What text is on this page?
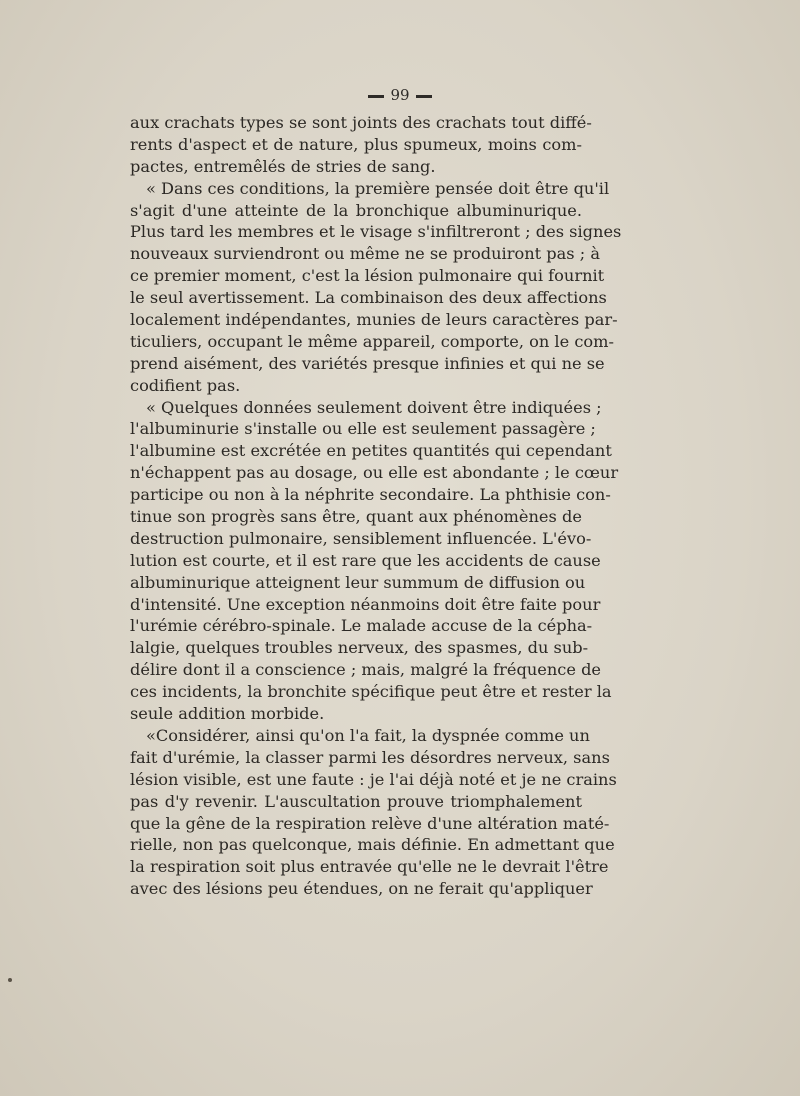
99
aux crachats types se sont joints des crachats tout diffé-
rents d'aspect et de nature, plus spumeux, moins com-
pactes, entremêlés de stries de sang.
« Dans ces conditions, la première pensée doit être qu'il
s'agit d'une atteinte de la bronchique albuminurique.
Plus tard les membres et le visage s'infiltreront ; des signes
nouveaux surviendront ou même ne se produiront pas ; à
ce premier moment, c'est la lésion pulmonaire qui fournit
le seul avertissement. La combinaison des deux affections
localement indépendantes, munies de leurs caractères par-
ticuliers, occupant le même appareil, comporte, on le com-
prend aisément, des variétés presque infinies et qui ne se
codifient pas.
« Quelques données seulement doivent être indiquées ;
l'albuminurie s'installe ou elle est seulement passagère ;
l'albumine est excrétée en petites quantités qui cependant
n'échappent pas au dosage, ou elle est abondante ; le cœur
participe ou non à la néphrite secondaire. La phthisie con-
tinue son progrès sans être, quant aux phénomènes de
destruction pulmonaire, sensiblement influencée. L'évo-
lution est courte, et il est rare que les accidents de cause
albuminurique atteignent leur summum de diffusion ou
d'intensité. Une exception néanmoins doit être faite pour
l'urémie cérébro-spinale. Le malade accuse de la cépha-
lalgie, quelques troubles nerveux, des spasmes, du sub-
délire dont il a conscience ; mais, malgré la fréquence de
ces incidents, la bronchite spécifique peut être et rester la
seule addition morbide.
«Considérer, ainsi qu'on l'a fait, la dyspnée comme un
fait d'urémie, la classer parmi les désordres nerveux, sans
lésion visible, est une faute : je l'ai déjà noté et je ne crains
pas d'y revenir. L'auscultation prouve triomphalement
que la gêne de la respiration relève d'une altération maté-
rielle, non pas quelconque, mais définie. En admettant que
la respiration soit plus entravée qu'elle ne le devrait l'être
avec des lésions peu étendues, on ne ferait qu'appliquer
